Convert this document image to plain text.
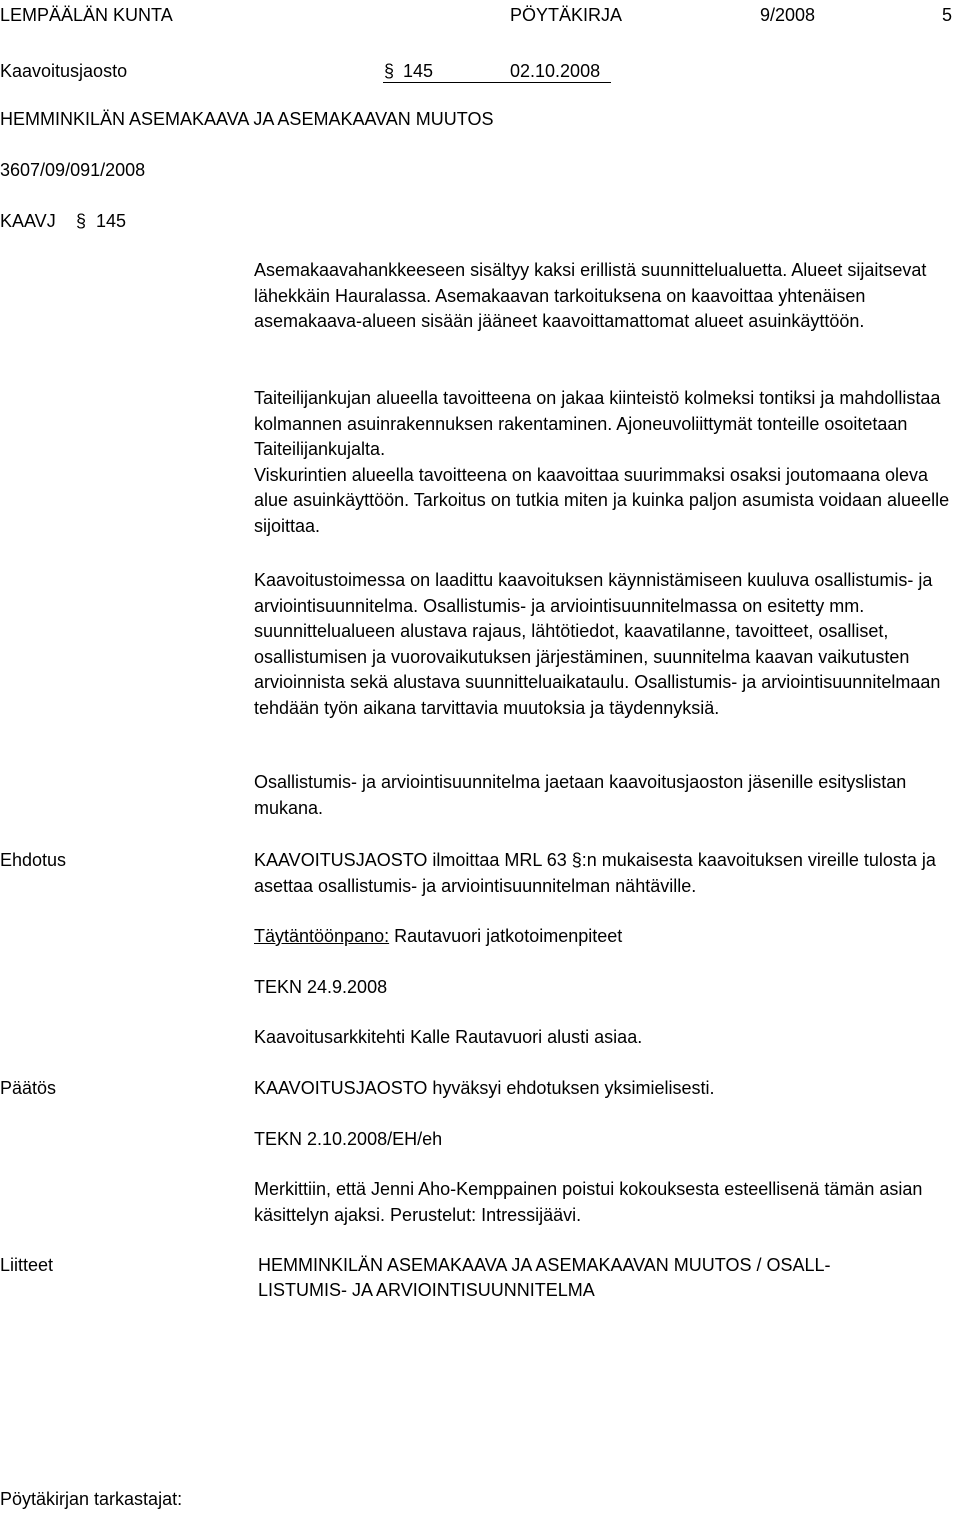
LEMPÄÄLÄN KUNTA	PÖYTÄKIRJA	9/2008	5
Kaavoitusjaosto	§ 145	02.10.2008
HEMMINKILÄN ASEMAKAAVA JA ASEMAKAAVAN MUUTOS
3607/09/091/2008
KAAVJ § 145

Asemakaavahankkeeseen sisältyy kaksi erillistä suunnittelualuetta. Alueet sijaitsevat lähekkäin Hauralassa. Asemakaavan tarkoituksena on kaavoittaa yhtenäisen asemakaava-alueen sisään jääneet kaavoittamattomat alueet asuinkäyttöön.

Taiteilijankujan alueella tavoitteena on jakaa kiinteistö kolmeksi tontiksi ja mahdollistaa kolmannen asuinrakennuksen rakentaminen. Ajoneuvoliittymät tonteille osoitetaan Taiteilijankujalta.

Viskurintien alueella tavoitteena on kaavoittaa suurimmaksi osaksi joutomaana oleva alue asuinkäyttöön. Tarkoitus on tutkia miten ja kuinka paljon asumista voidaan alueelle sijoittaa.

Kaavoitustoimessa on laadittu kaavoituksen käynnistämiseen kuuluva osallistumis- ja arviointisuunnitelma. Osallistumis- ja arviointisuunnitelmassa on esitetty mm. suunnittelualueen alustava rajaus, lähtötiedot, kaavatilanne, tavoitteet, osalliset, osallistumisen ja vuorovaikutuksen järjestäminen, suunnitelma kaavan vaikutusten arvioinnista sekä alustava suunnitteluaikataulu. Osallistumis- ja arviointisuunnitelmaan tehdään työn aikana tarvittavia muutoksia ja täydennyksiä.

Osallistumis- ja arviointisuunnitelma jaetaan kaavoitusjaoston jäsenille esityslistan mukana.

Ehdotus	KAAVOITUSJAOSTO ilmoittaa MRL 63 §:n mukaisesta kaavoituksen vireille tulosta ja asettaa osallistumis- ja arviointisuunnitelman nähtäville.

Täytäntöönpano: Rautavuori jatkotoimenpiteet
TEKN 24.9.2008
Kaavoitusarkkitehti Kalle Rautavuori alusti asiaa.
Päätös	KAAVOITUSJAOSTO hyväksyi ehdotuksen yksimielisesti.
TEKN 2.10.2008/EH/eh

Merkittiin, että Jenni Aho-Kemppainen poistui kokouksesta esteellisenä tämän asian käsittelyn ajaksi. Perustelut: Intressijäävi.

Liitteet	HEMMINKILÄN ASEMAKAAVA JA ASEMAKAAVAN MUUTOS / OSALL-
LISTUMIS- JA ARVIOINTISUUNNITELMA
Pöytäkirjan tarkastajat:
